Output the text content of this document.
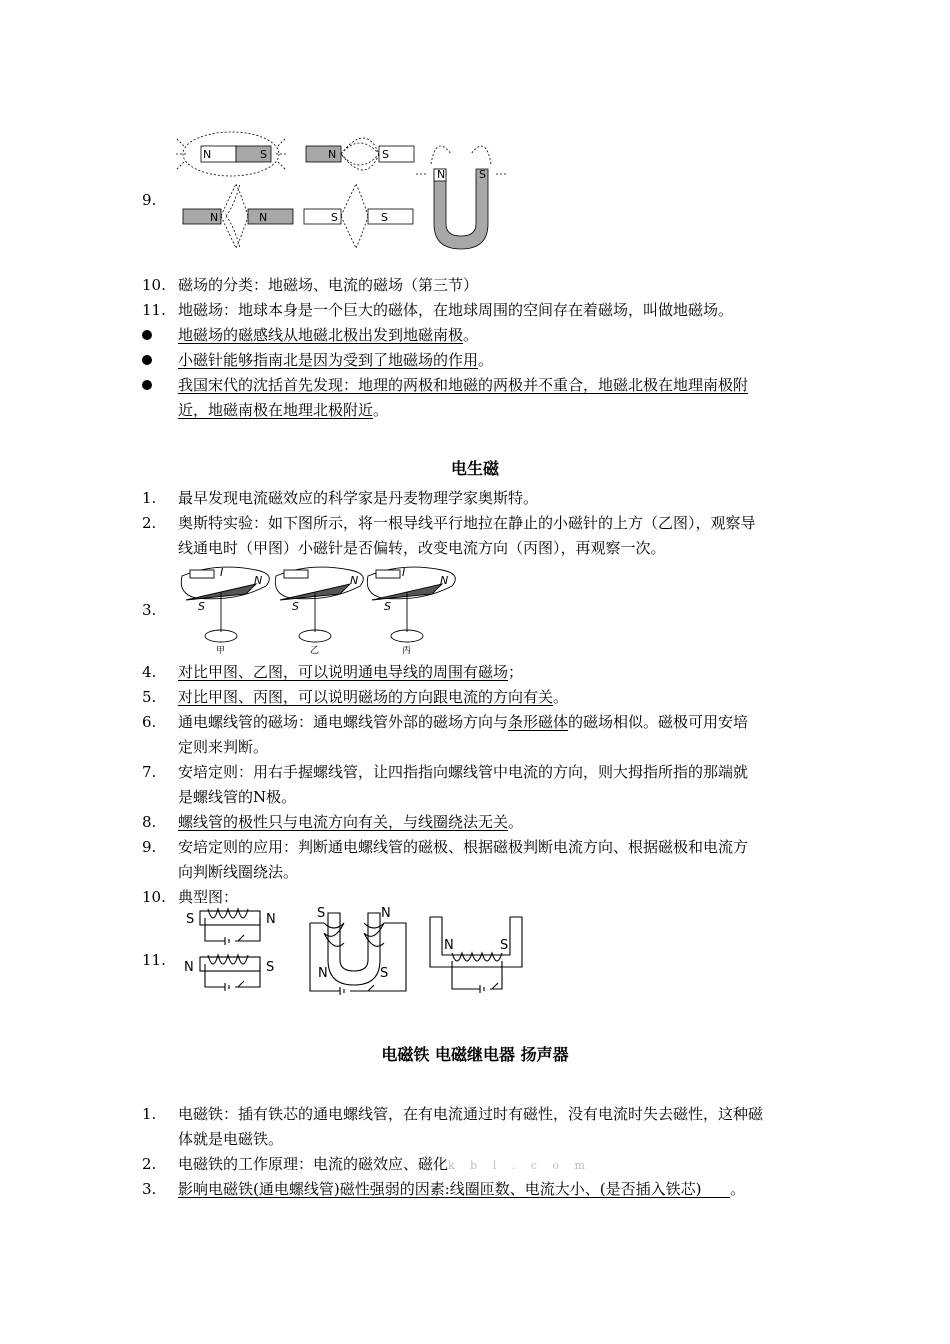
9.
N	S	N	S
N	N	S	S
N	S
10. 磁场的分类：地磁场、电流的磁场（第三节）
11. 地磁场：地球本身是一个巨大的磁体，在地球周围的空间存在着磁场，叫做地磁场。
地磁场的磁感线从地磁北极出发到地磁南极。
小磁针能够指南北是因为受到了地磁场的作用。
我国宋代的沈括首先发现：地理的两极和地磁的两极并不重合，地磁北极在地理南极附
近，地磁南极在地理北极附近。
电生磁
1.	最早发现电流磁效应的科学家是丹麦物理学家奥斯特。
2.	奥斯特实验：如下图所示，将一根导线平行地拉在静止的小磁针的上方（乙图），观察导
线通电时（甲图）小磁针是否偏转，改变电流方向（丙图），再观察一次。
3.
I
N
S
N
S
I
N
S
甲	乙	丙
4.	对比甲图、乙图，可以说明通电导线的周围有磁场；
5.	对比甲图、丙图，可以说明磁场的方向跟电流的方向有关。
6.	通电螺线管的磁场：通电螺线管外部的磁场方向与条形磁体的磁场相似。磁极可用安培
定则来判断。
7.	安培定则：用右手握螺线管，让四指指向螺线管中电流的方向，则大拇指所指的那端就
是螺线管的N极。
8.	螺线管的极性只与电流方向有关，与线圈绕法无关。
9.	安培定则的应用：判断通电螺线管的磁极、根据磁极判断电流方向、根据磁极和电流方
向判断线圈绕法。
10. 典型图：
11.
S	N
N	S
S	N
N	S
N	S
电磁铁 电磁继电器 扬声器
1.	电磁铁：插有铁芯的通电螺线管，在有电流通过时有磁性，没有电流时失去磁性，这种磁
体就是电磁铁。
2.	电磁铁的工作原理：电流的磁效应、磁化k b l . c o m
3.	影响电磁铁(通电螺线管)磁性强弱的因素:线圈匝数、电流大小、(是否插入铁芯) 。
